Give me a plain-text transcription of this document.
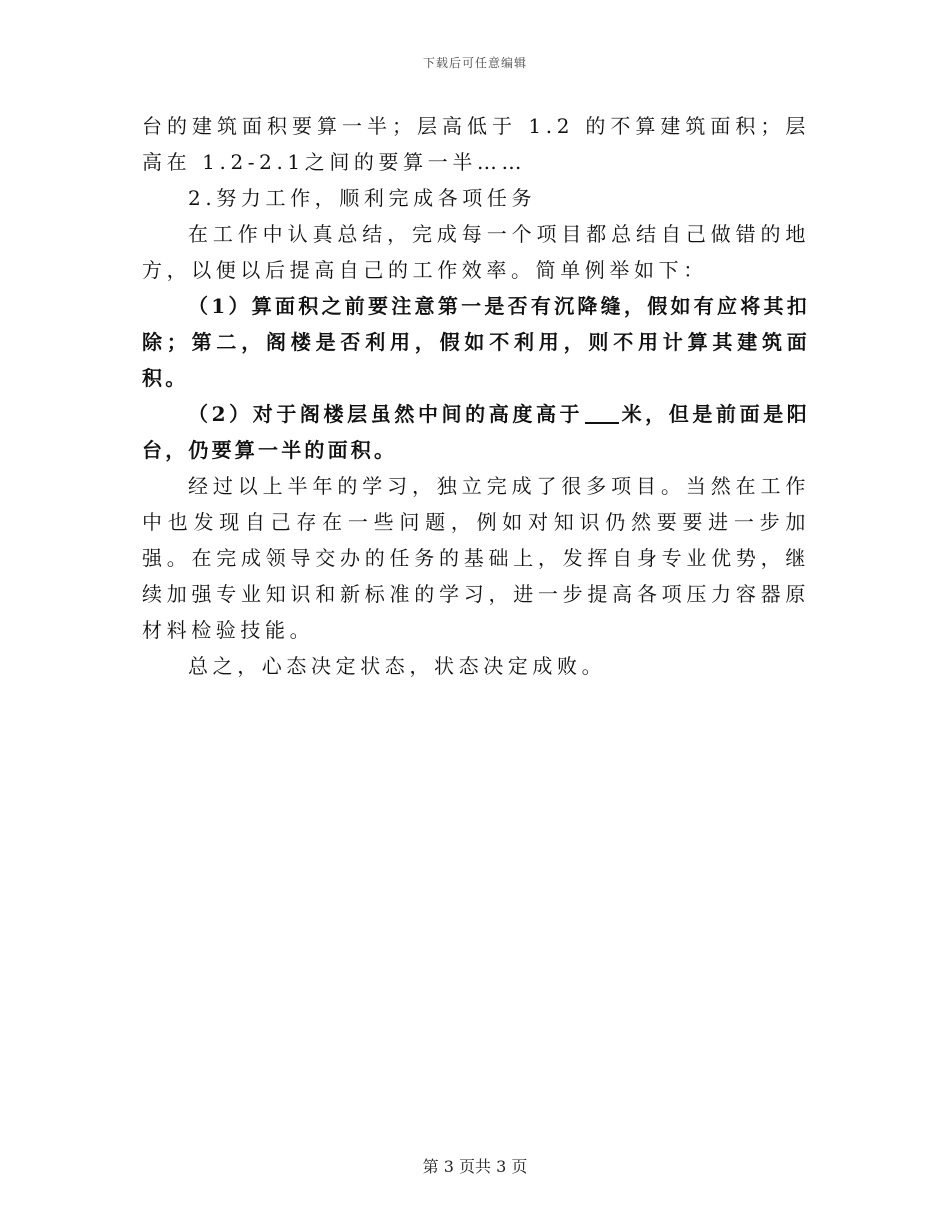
下载后可任意编辑

台的建筑面积要算一半；层高低于 1.2 的不算建筑面积；层高在 1.2-2.1之间的要算一半……

2.努力工作，顺利完成各项任务

在工作中认真总结，完成每一个项目都总结自己做错的地方，以便以后提高自己的工作效率。简单例举如下：

（1）算面积之前要注意第一是否有沉降缝，假如有应将其扣除；第二，阁楼是否利用，假如不利用，则不用计算其建筑面积。

（2）对于阁楼层虽然中间的高度高于 米，但是前面是阳台，仍要算一半的面积。

经过以上半年的学习，独立完成了很多项目。当然在工作中也发现自己存在一些问题，例如对知识仍然要要进一步加强。在完成领导交办的任务的基础上，发挥自身专业优势，继续加强专业知识和新标准的学习，进一步提高各项压力容器原材料检验技能。

总之，心态决定状态，状态决定成败。

第 3 页共 3 页
